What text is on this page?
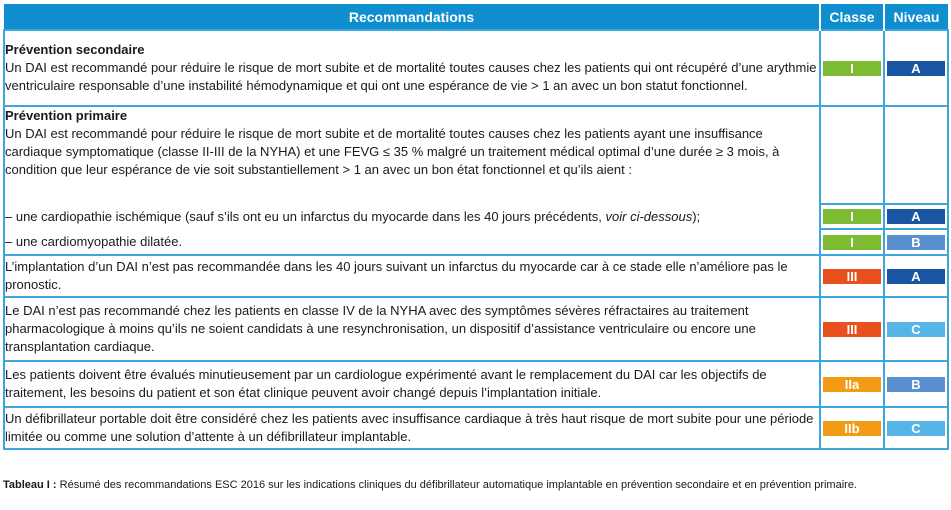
Recommandations	Classe	Niveau

Prévention secondaire
Un DAI est recommandé pour réduire le risque de mort subite et de mortalité toutes causes chez les patients qui ont récupéré d’une arythmie ventriculaire responsable d’une instabilité hémodynamique et qui ont une espérance de vie > 1 an avec un bon statut fonctionnel.	I	A

Prévention primaire
Un DAI est recommandé pour réduire le risque de mort subite et de mortalité toutes causes chez les patients ayant une insuffisance cardiaque symptomatique (classe II-III de la NYHA) et une FEVG ≤ 35 % malgré un traitement médical optimal d’une durée ≥ 3 mois, à condition que leur espérance de vie soit substantiellement > 1 an avec un bon état fonctionnel et qu’ils aient :		

– une cardiopathie ischémique (sauf s’ils ont eu un infarctus du myocarde dans les 40 jours précédents, voir ci-dessous);	I	A

– une cardiomyopathie dilatée.	I	B

L’implantation d’un DAI n’est pas recommandée dans les 40 jours suivant un infarctus du myocarde car à ce stade elle n’améliore pas le pronostic.	III	A

Le DAI n’est pas recommandé chez les patients en classe IV de la NYHA avec des symptômes sévères réfractaires au traitement pharmacologique à moins qu’ils ne soient candidats à une resynchronisation, un dispositif d’assistance ventriculaire ou encore une transplantation cardiaque.	III	C

Les patients doivent être évalués minutieusement par un cardiologue expérimenté avant le remplacement du DAI car les objectifs de traitement, les besoins du patient et son état clinique peuvent avoir changé depuis l’implantation initiale.	IIa	B

Un défibrillateur portable doit être considéré chez les patients avec insuffisance cardiaque à très haut risque de mort subite pour une période limitée ou comme une solution d’attente à un défibrillateur implantable.	IIb	C
Tableau I : Résumé des recommandations ESC 2016 sur les indications cliniques du défibrillateur automatique implantable en prévention secondaire et en prévention primaire.
